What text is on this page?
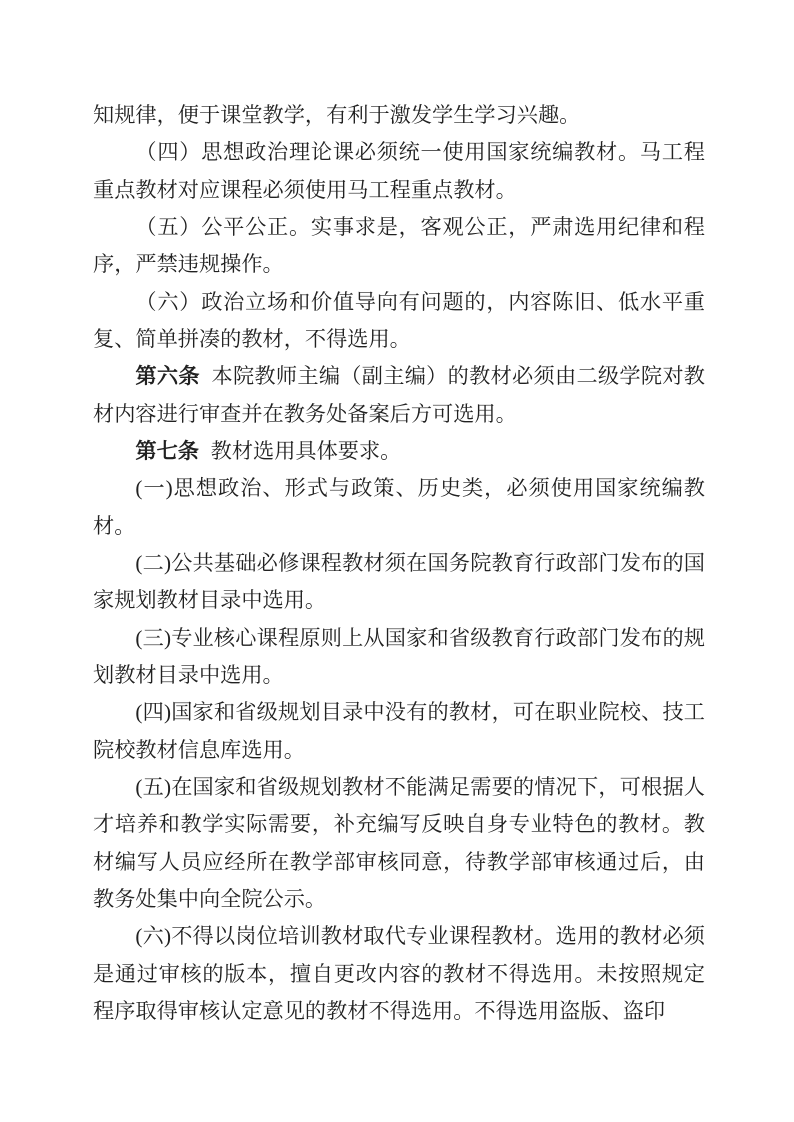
知规律，便于课堂教学，有利于激发学生学习兴趣。

（四）思想政治理论课必须统一使用国家统编教材。马工程重点教材对应课程必须使用马工程重点教材。

（五）公平公正。实事求是，客观公正，严肃选用纪律和程序，严禁违规操作。

（六）政治立场和价值导向有问题的，内容陈旧、低水平重复、简单拼凑的教材，不得选用。

第六条 本院教师主编（副主编）的教材必须由二级学院对教材内容进行审查并在教务处备案后方可选用。

第七条 教材选用具体要求。

(一)思想政治、形式与政策、历史类，必须使用国家统编教材。

(二)公共基础必修课程教材须在国务院教育行政部门发布的国家规划教材目录中选用。

(三)专业核心课程原则上从国家和省级教育行政部门发布的规划教材目录中选用。

(四)国家和省级规划目录中没有的教材，可在职业院校、技工院校教材信息库选用。

(五)在国家和省级规划教材不能满足需要的情况下，可根据人才培养和教学实际需要，补充编写反映自身专业特色的教材。教材编写人员应经所在教学部审核同意，待教学部审核通过后，由教务处集中向全院公示。

(六)不得以岗位培训教材取代专业课程教材。选用的教材必须是通过审核的版本，擅自更改内容的教材不得选用。未按照规定程序取得审核认定意见的教材不得选用。不得选用盗版、盗印
